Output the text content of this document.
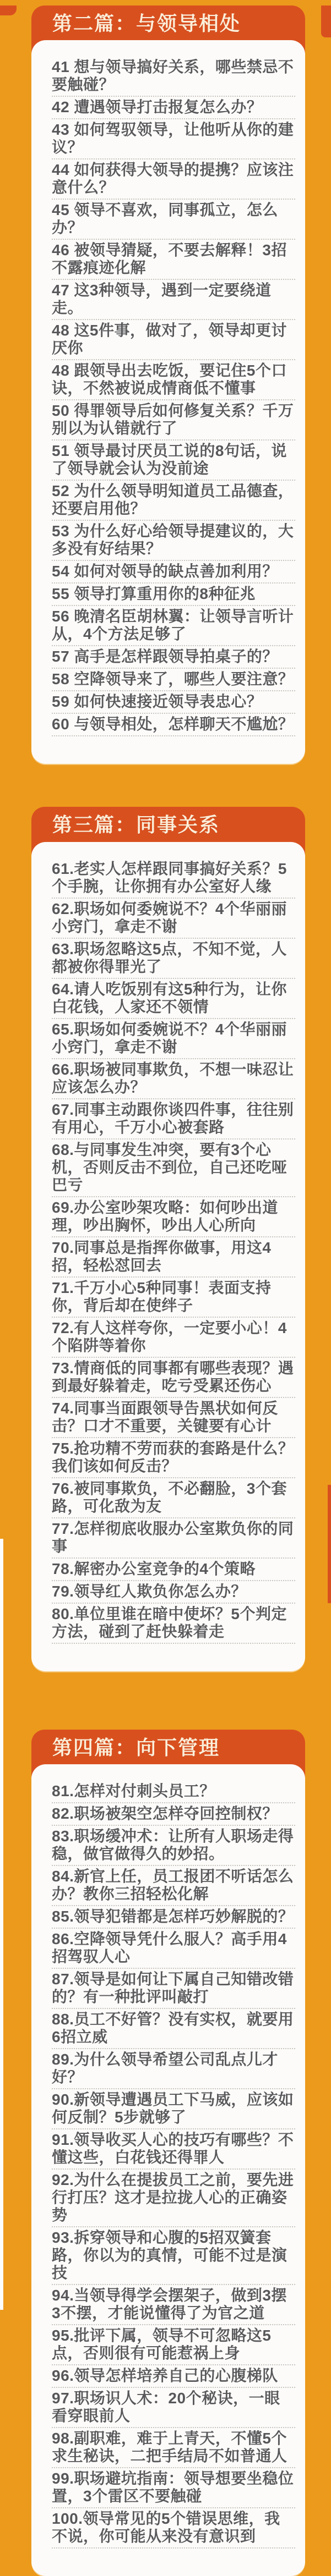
第二篇：与领导相处
41 想与领导搞好关系，哪些禁忌不要触碰？
42 遭遇领导打击报复怎么办？
43 如何驾驭领导，让他听从你的建议？
44 如何获得大领导的提携？应该注意什么？
45 领导不喜欢，同事孤立，怎么办？
46 被领导猜疑，不要去解释！3招不露痕迹化解
47 这3种领导，遇到一定要绕道走。
48 这5件事，做对了，领导却更讨厌你
48 跟领导出去吃饭，要记住5个口诀，不然被说成情商低不懂事
50 得罪领导后如何修复关系？千万别以为认错就行了
51 领导最讨厌员工说的8句话，说了领导就会认为没前途
52 为什么领导明知道员工品德查，还要启用他？
53 为什么好心给领导提建议的，大多没有好结果？
54 如何对领导的缺点善加利用？
55 领导打算重用你的8种征兆
56 晚清名臣胡林翼：让领导言听计从，4个方法足够了
57 高手是怎样跟领导拍桌子的？
58 空降领导来了，哪些人要注意？
59 如何快速接近领导表忠心？
60 与领导相处，怎样聊天不尴尬？
第三篇：同事关系
61.老实人怎样跟同事搞好关系？5个手腕，让你拥有办公室好人缘
62.职场如何委婉说不？4个华丽丽小窍门，拿走不谢
63.职场忽略这5点，不知不觉，人都被你得罪光了
64.请人吃饭别有这5种行为，让你白花钱，人家还不领情
65.职场如何委婉说不？4个华丽丽小窍门，拿走不谢
66.职场被同事欺负，不想一味忍让应该怎么办？
67.同事主动跟你谈四件事，往往别有用心，千万小心被套路
68.与同事发生冲突，要有3个心机，否则反击不到位，自己还吃哑巴亏
69.办公室吵架攻略：如何吵出道理，吵出胸怀，吵出人心所向
70.同事总是指挥你做事，用这4招，轻松怼回去
71.千万小心5种同事！表面支持你，背后却在使绊子
72.有人这样夸你，一定要小心！4个陷阱等着你
73.情商低的同事都有哪些表现？遇到最好躲着走，吃亏受累还伤心
74.同事当面跟领导告黑状如何反击？口才不重要，关键要有心计
75.抢功精不劳而获的套路是什么？我们该如何反击？
76.被同事欺负，不必翻脸，3个套路，可化敌为友
77.怎样彻底收服办公室欺负你的同事
78.解密办公室竞争的4个策略
79.领导红人欺负你怎么办？
80.单位里谁在暗中使坏？5个判定方法，碰到了赶快躲着走
第四篇：向下管理
81.怎样对付刺头员工？
82.职场被架空怎样夺回控制权？
83.职场缓冲术：让所有人职场走得稳，做官做得久的妙招。
84.新官上任，员工报团不听话怎么办？教你三招轻松化解
85.领导犯错都是怎样巧妙解脱的？
86.空降领导凭什么服人？高手用4招驾驭人心
87.领导是如何让下属自己知错改错的？有一种批评叫敲打
88.员工不好管？没有实权，就要用6招立威
89.为什么领导希望公司乱点儿才好？
90.新领导遭遇员工下马威，应该如何反制？5步就够了
91.领导收买人心的技巧有哪些？不懂这些，白花钱还得罪人
92.为什么在提拔员工之前，要先进行打压？这才是拉拢人心的正确姿势
93.拆穿领导和心腹的5招双簧套路，你以为的真情，可能不过是演技
94.当领导得学会摆架子，做到3摆3不摆，才能说懂得了为官之道
95.批评下属，领导不可忽略这5点，否则很有可能惹祸上身
96.领导怎样培养自己的心腹梯队
97.职场识人术：20个秘诀，一眼看穿眼前人
98.副职难，难于上青天，不懂5个求生秘诀，二把手结局不如普通人
99.职场避坑指南：领导想要坐稳位置，3个雷区不要触碰
100.领导常见的5个错误思维，我不说，你可能从来没有意识到
